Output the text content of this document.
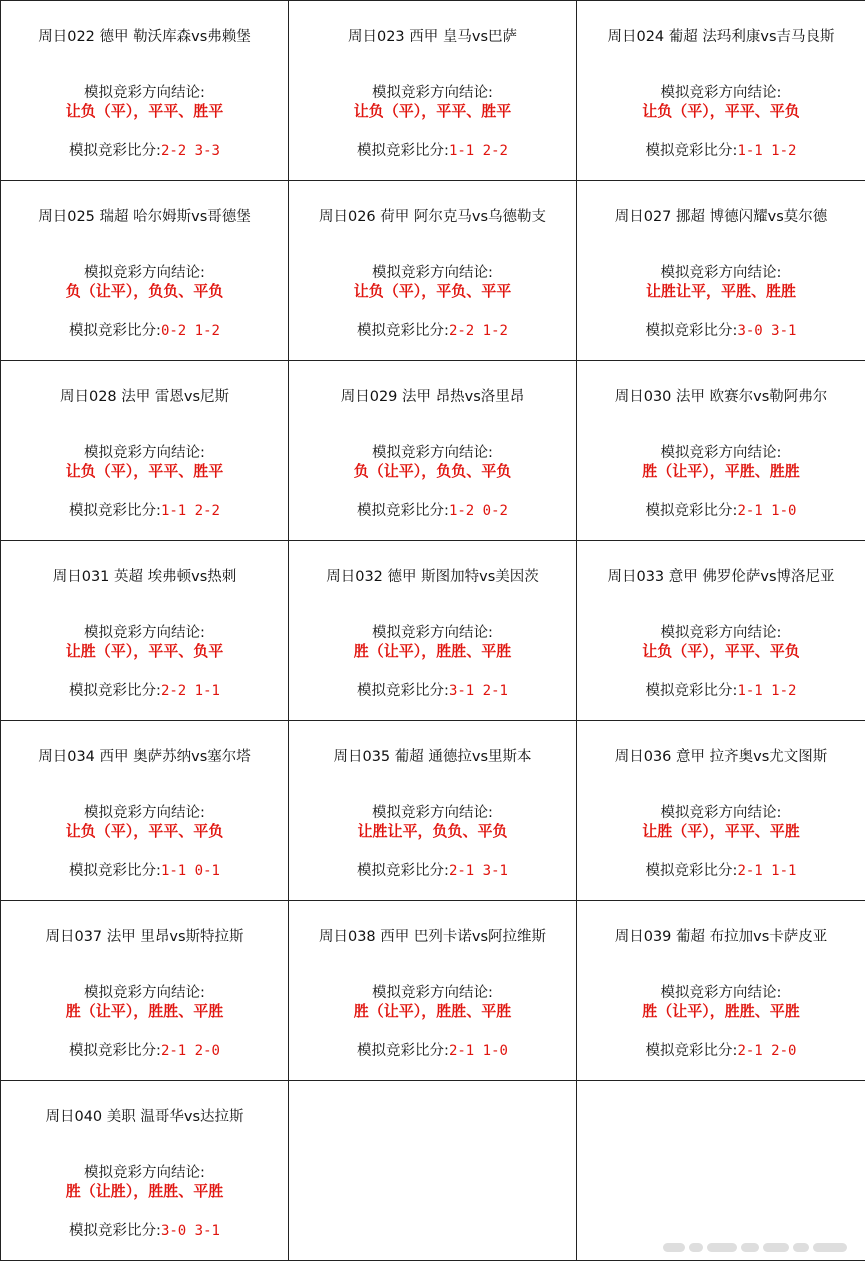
周日022 德甲 勒沃库森vs弗赖堡
模拟竞彩方向结论:
让负（平），平平、胜平
模拟竞彩比分:2-2 3-3
周日023 西甲 皇马vs巴萨
模拟竞彩方向结论:
让负（平），平平、胜平
模拟竞彩比分:1-1 2-2
周日024 葡超 法玛利康vs吉马良斯
模拟竞彩方向结论:
让负（平），平平、平负
模拟竞彩比分:1-1 1-2
周日025 瑞超 哈尔姆斯vs哥德堡
模拟竞彩方向结论:
负（让平），负负、平负
模拟竞彩比分:0-2 1-2
周日026 荷甲 阿尔克马vs乌德勒支
模拟竞彩方向结论:
让负（平），平负、平平
模拟竞彩比分:2-2 1-2
周日027 挪超 博德闪耀vs莫尔德
模拟竞彩方向结论:
让胜让平，平胜、胜胜
模拟竞彩比分:3-0 3-1
周日028 法甲 雷恩vs尼斯
模拟竞彩方向结论:
让负（平），平平、胜平
模拟竞彩比分:1-1 2-2
周日029 法甲 昂热vs洛里昂
模拟竞彩方向结论:
负（让平），负负、平负
模拟竞彩比分:1-2 0-2
周日030 法甲 欧赛尔vs勒阿弗尔
模拟竞彩方向结论:
胜（让平），平胜、胜胜
模拟竞彩比分:2-1 1-0
周日031 英超 埃弗顿vs热刺
模拟竞彩方向结论:
让胜（平），平平、负平
模拟竞彩比分:2-2 1-1
周日032 德甲 斯图加特vs美因茨
模拟竞彩方向结论:
胜（让平），胜胜、平胜
模拟竞彩比分:3-1 2-1
周日033 意甲 佛罗伦萨vs博洛尼亚
模拟竞彩方向结论:
让负（平），平平、平负
模拟竞彩比分:1-1 1-2
周日034 西甲 奥萨苏纳vs塞尔塔
模拟竞彩方向结论:
让负（平），平平、平负
模拟竞彩比分:1-1 0-1
周日035 葡超 通德拉vs里斯本
模拟竞彩方向结论:
让胜让平，负负、平负
模拟竞彩比分:2-1 3-1
周日036 意甲 拉齐奥vs尤文图斯
模拟竞彩方向结论:
让胜（平），平平、平胜
模拟竞彩比分:2-1 1-1
周日037 法甲 里昂vs斯特拉斯
模拟竞彩方向结论:
胜（让平），胜胜、平胜
模拟竞彩比分:2-1 2-0
周日038 西甲 巴列卡诺vs阿拉维斯
模拟竞彩方向结论:
胜（让平），胜胜、平胜
模拟竞彩比分:2-1 1-0
周日039 葡超 布拉加vs卡萨皮亚
模拟竞彩方向结论:
胜（让平），胜胜、平胜
模拟竞彩比分:2-1 2-0
周日040 美职 温哥华vs达拉斯
模拟竞彩方向结论:
胜（让胜），胜胜、平胜
模拟竞彩比分:3-0 3-1
